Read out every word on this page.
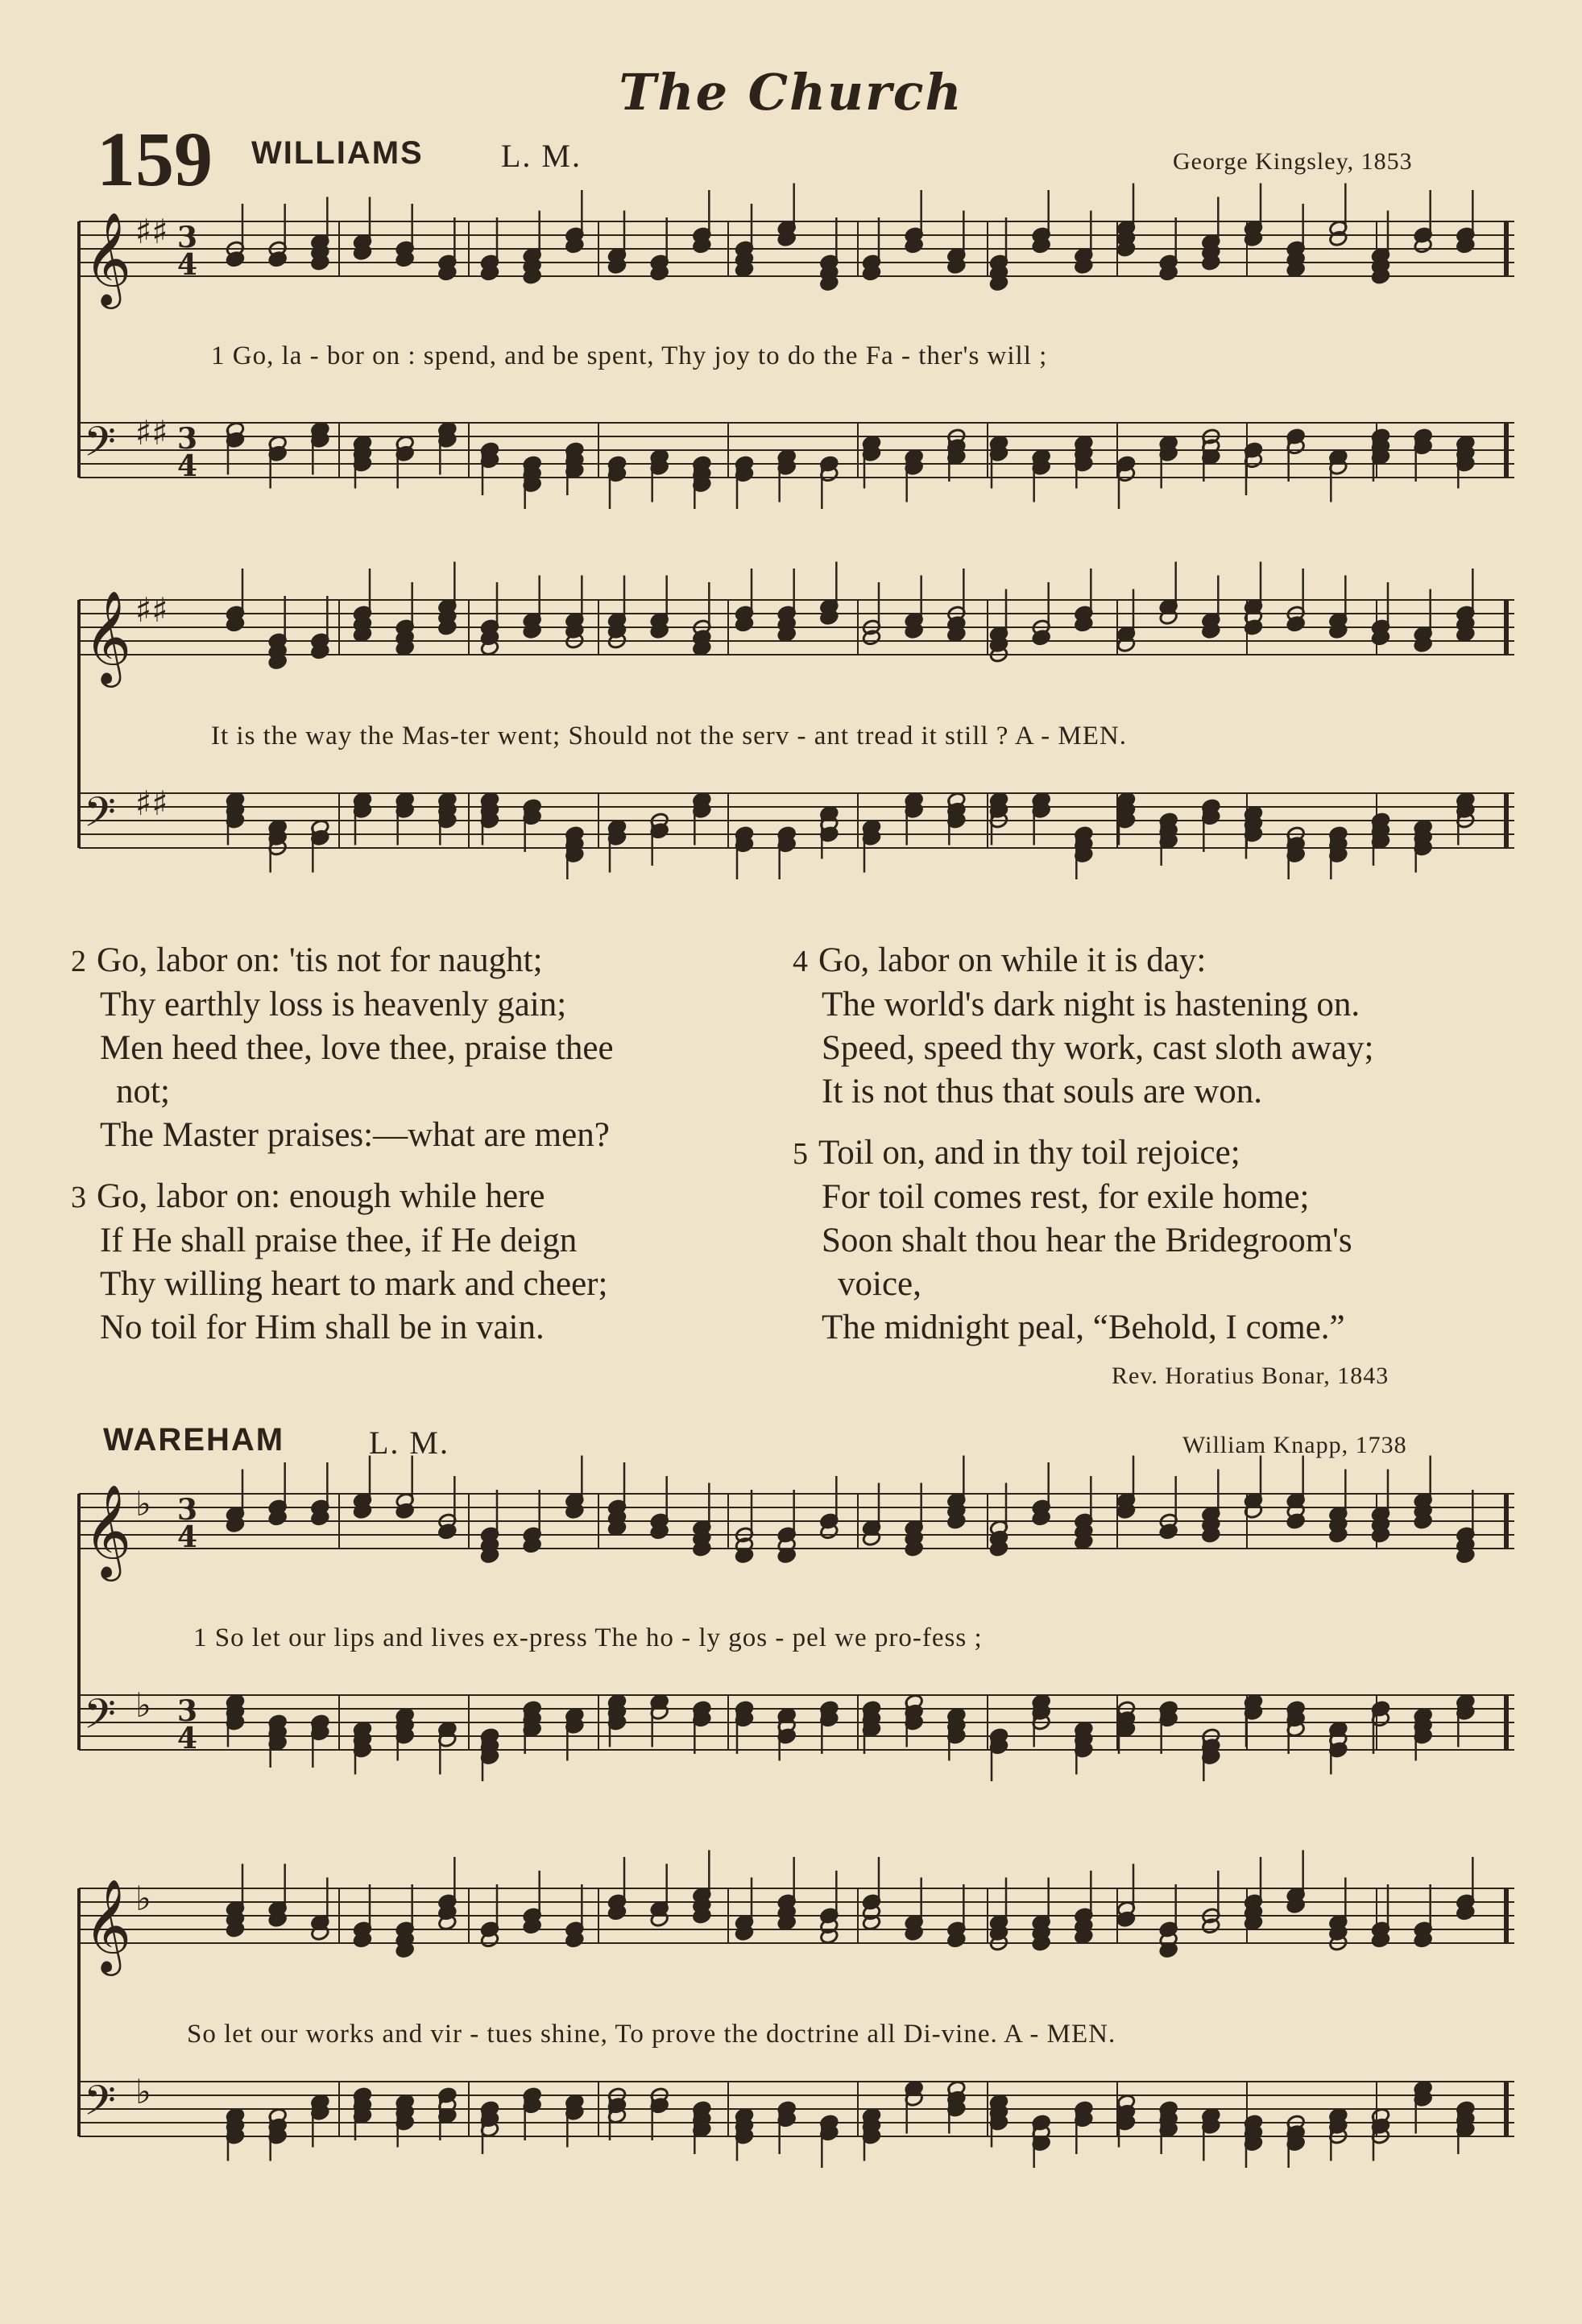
The Church
159 WILLIAMS L. M.	George Kingsley, 1853
𝄞 ♯♯ 3
4
𝄢 ♯♯ 3
4
1 Go, la - bor on : spend, and be spent, Thy joy to do the Fa - ther's will ;
𝄞 ♯♯
𝄢 ♯♯
It is the way the Mas-ter went; Should not the serv - ant tread it still ? A - MEN.
2 Go, labor on: 'tis not for naught;
Thy earthly loss is heavenly gain;
Men heed thee, love thee, praise thee
not;
The Master praises:—what are men?
3 Go, labor on: enough while here
If He shall praise thee, if He deign
Thy willing heart to mark and cheer;
No toil for Him shall be in vain.
4 Go, labor on while it is day:
The world's dark night is hastening on.
Speed, speed thy work, cast sloth away;
It is not thus that souls are won.
5 Toil on, and in thy toil rejoice;
For toil comes rest, for exile home;
Soon shalt thou hear the Bridegroom's
voice,
The midnight peal, “Behold, I come.”
Rev. Horatius Bonar, 1843
WAREHAM	L. M.	William Knapp, 1738
𝄞 ♭ 3
4
𝄢 ♭ 3
4
1 So let our lips and lives ex-press The ho - ly gos - pel we pro-fess ;
𝄞 ♭
𝄢 ♭
So let our works and vir - tues shine, To prove the doctrine all Di-vine. A - MEN.
